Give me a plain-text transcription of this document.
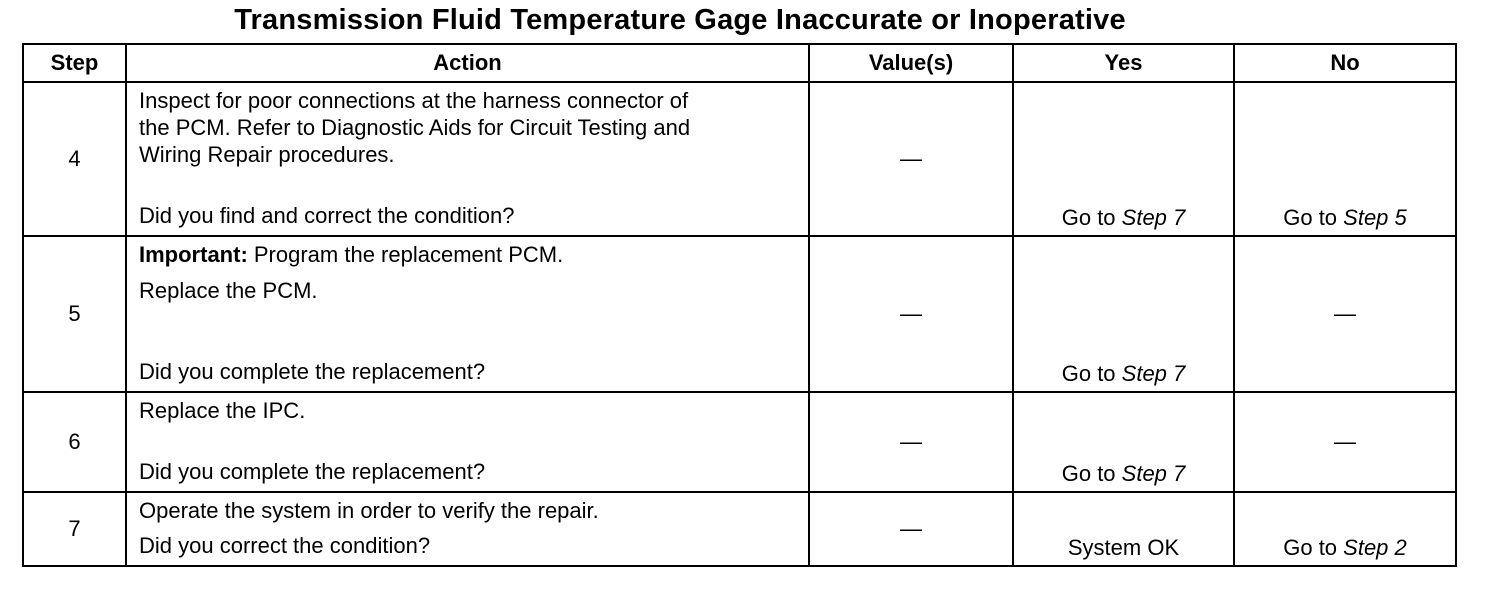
Transmission Fluid Temperature Gage Inaccurate or Inoperative
Step	Action	Value(s)	Yes	No
4	Inspect for poor connections at the harness connector of
the PCM. Refer to Diagnostic Aids for Circuit Testing and
Wiring Repair procedures.
Did you find and correct the condition?	—	Go to Step 7	Go to Step 5

5	Important: Program the replacement PCM.
Replace the PCM.
Did you complete the replacement?	—	Go to Step 7	—

6	Replace the IPC.
Did you complete the replacement?	—	Go to Step 7	—

7	Operate the system in order to verify the repair.
Did you correct the condition?	—	System OK	Go to Step 2
